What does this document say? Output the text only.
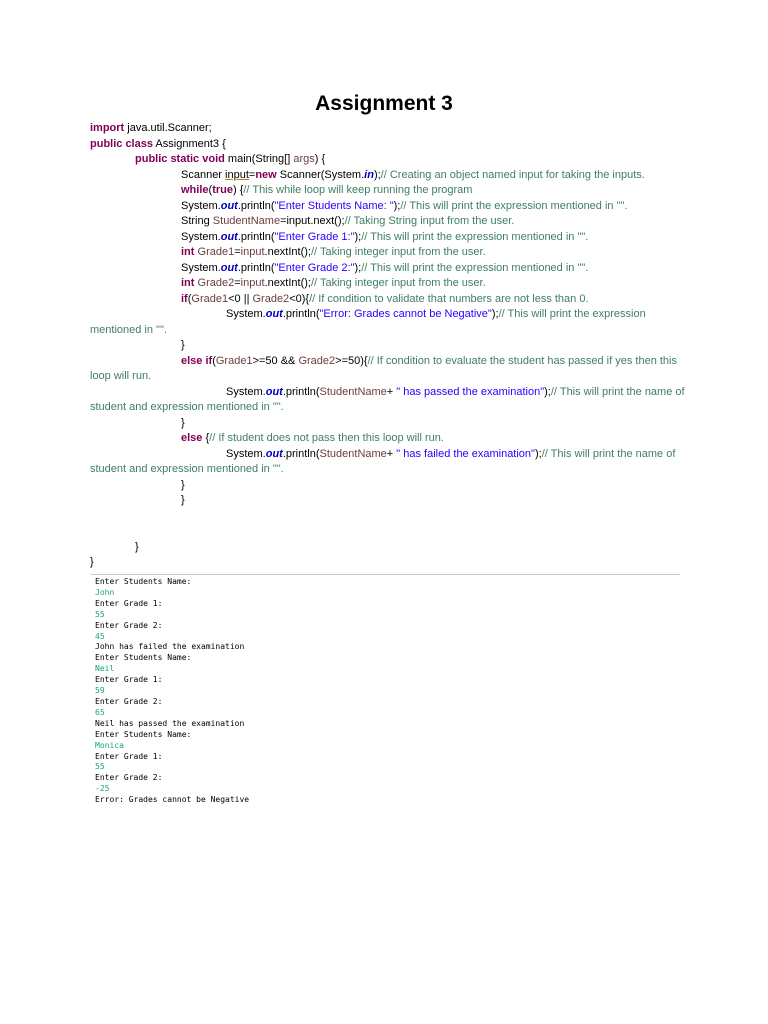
Assignment 3
import java.util.Scanner;
public class Assignment3 {
public static void main(String[] args) {
Scanner input=new Scanner(System.in);// Creating an object named input for taking the inputs.
while(true) {// This while loop will keep running the program
System.out.println("Enter Students Name: ");// This will print the expression mentioned in "".
String StudentName=input.next();// Taking String input from the user.
System.out.println("Enter Grade 1:");// This will print the expression mentioned in "".
int Grade1=input.nextInt();// Taking integer input from the user.
System.out.println("Enter Grade 2:");// This will print the expression mentioned in "".
int Grade2=input.nextInt();// Taking integer input from the user.
if(Grade1<0 || Grade2<0){// If condition to validate that numbers are not less than 0.
System.out.println("Error: Grades cannot be Negative");// This will print the expression mentioned in "".
}
else if(Grade1>=50 && Grade2>=50){// If condition to evaluate the student has passed if yes then this loop will run.
System.out.println(StudentName+ " has passed the examination");// This will print the name of student and expression mentioned in "".
}
else {// If student does not pass then this loop will run.
System.out.println(StudentName+ " has failed the examination");// This will print the name of student and expression mentioned in "".
}
}

}
}
Enter Students Name:
John
Enter Grade 1:
55
Enter Grade 2:
45
John has failed the examination
Enter Students Name:
Neil
Enter Grade 1:
59
Enter Grade 2:
65
Neil has passed the examination
Enter Students Name:
Monica
Enter Grade 1:
55
Enter Grade 2:
-25
Error: Grades cannot be Negative
